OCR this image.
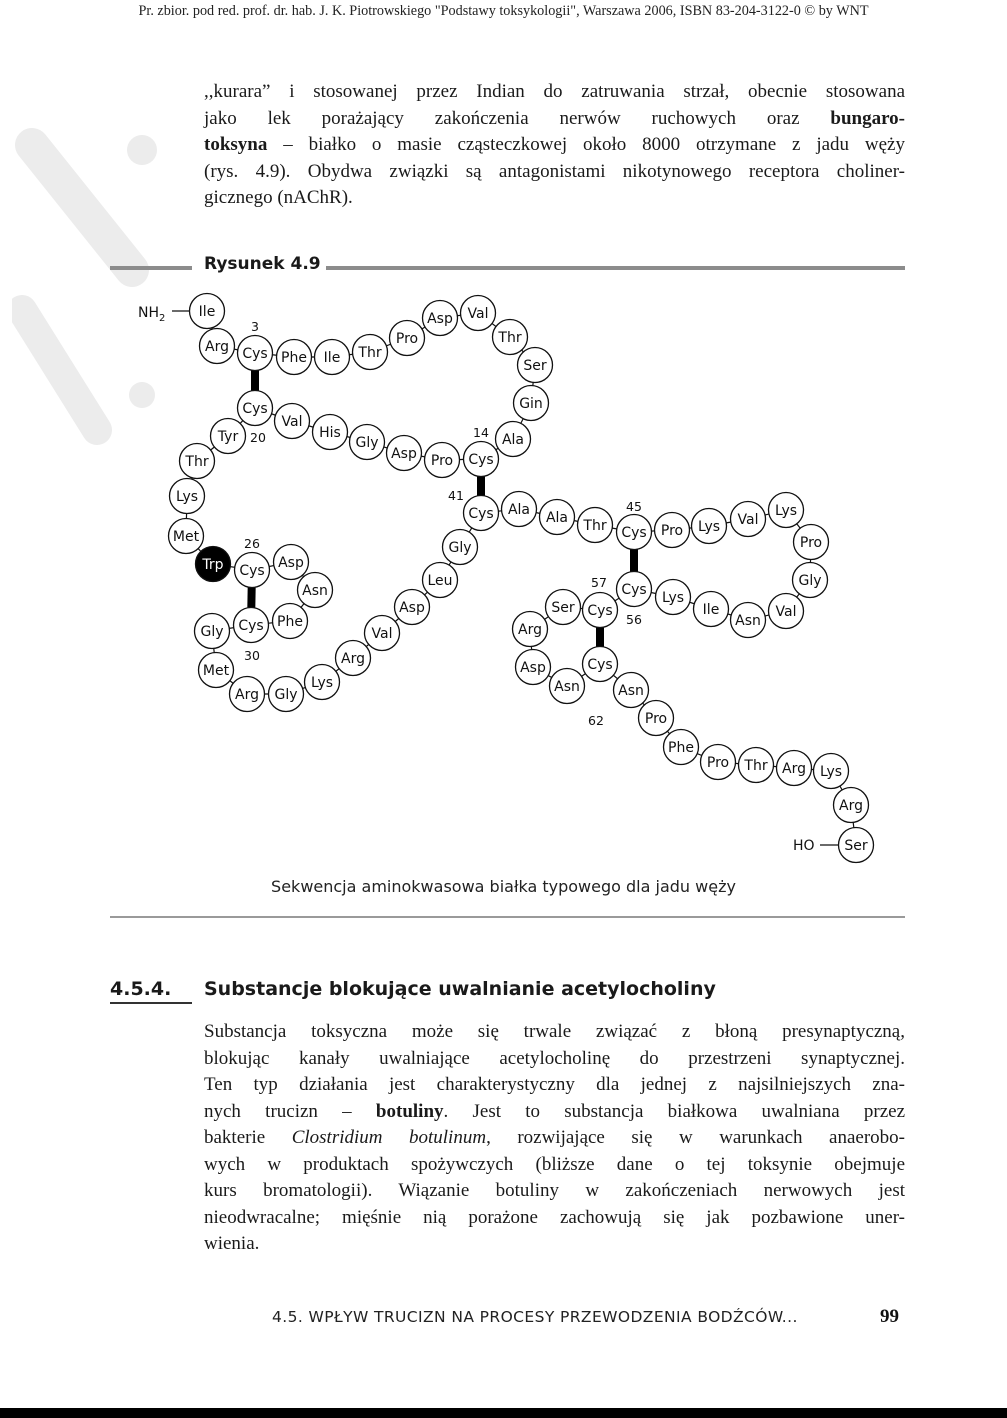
Pr. zbior. pod red. prof. dr. hab. J. K. Piotrowskiego "Podstawy toksykologii", Warszawa 2006, ISBN 83-204-3122-0 © by WNT
,,kurara” i stosowanej przez Indian do zatruwania strzał, obecnie stosowana
jako lek porażający zakończenia nerwów ruchowych oraz bungaro-
toksyna – białko o masie cząsteczkowej około 8000 otrzymane z jadu węży
(rys. 4.9). Obydwa związki są antagonistami nikotynowego receptora choliner-
gicznego (nAChR).
Rysunek 4.9
Ile
Arg Cys Phe Ile Thr
Pro
Asp Val
Thr
Ser
Gin
Ala
Cys
Pro
Asp
Gly
His
Val
Cys
Tyr
Thr
Lys
Met
Trp Cys Asp
Asn
Phe
Cys
Gly
Met
Arg Gly
Lys
Arg
Val
Asp
Leu
Gly
Cys Ala Ala Thr Cys Pro Lys Val
Lys
Pro
Gly
Val
Asn
Ile
Lys
Cys
Cys
Ser
Arg
Asp
Asn
Cys
Asn
Pro
Phe
Pro Thr Arg Lys
Arg
Ser
$NH_2$
HO
3
20	14
41
45
26
30
57
56
62
Sekwencja aminokwasowa białka typowego dla jadu węży
4.5.4. Substancje blokujące uwalnianie acetylocholiny
Substancja toksyczna może się trwale związać z błoną presynaptyczną,
blokując kanały uwalniające acetylocholinę do przestrzeni synaptycznej.
Ten typ działania jest charakterystyczny dla jednej z najsilniejszych zna-
nych trucizn – botuliny. Jest to substancja białkowa uwalniana przez
bakterie Clostridium botulinum, rozwijające się w warunkach anaerobo-
wych w produktach spożywczych (bliższe dane o tej toksynie obejmuje
kurs bromatologii). Wiązanie botuliny w zakończeniach nerwowych jest
nieodwracalne; mięśnie nią porażone zachowują się jak pozbawione uner-
wienia.
4.5. WPŁYW TRUCIZN NA PROCESY PRZEWODZENIA BODŹCÓW...	99
